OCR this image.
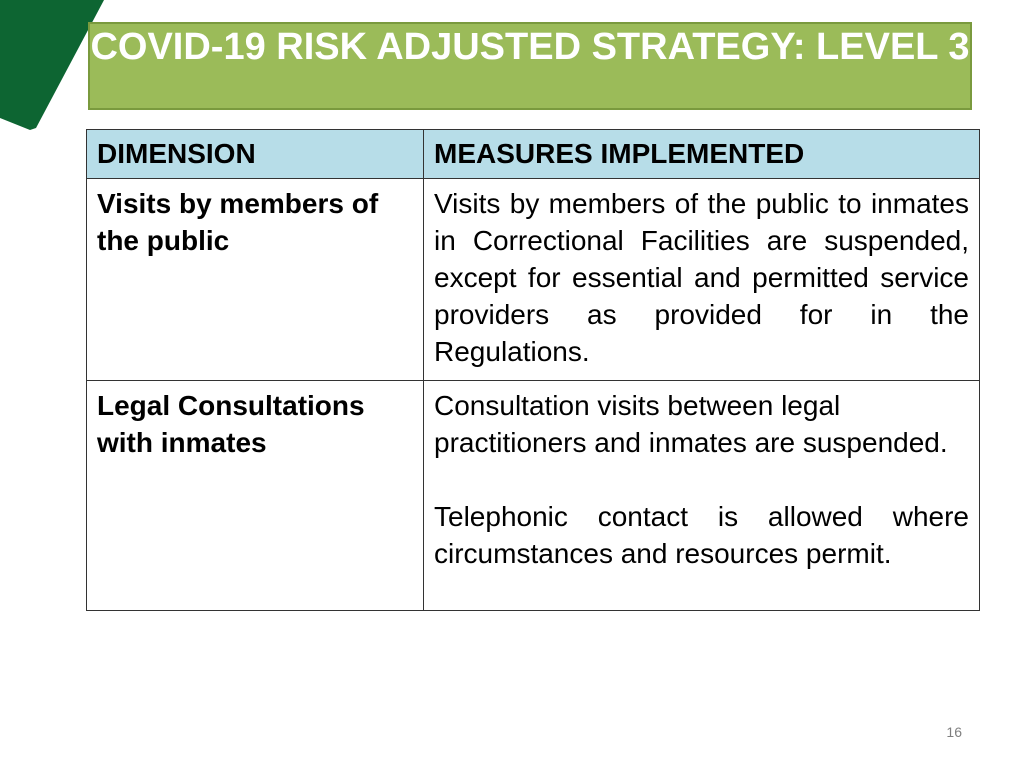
COVID-19 RISK ADJUSTED STRATEGY: LEVEL 3
DIMENSION	MEASURES IMPLEMENTED
Visits by members of the public	Visits by members of the public to inmates in Correctional Facilities are suspended, except for essential and permitted service providers as provided for in the Regulations.

Legal Consultations with inmates	Consultation visits between legal practitioners and inmates are suspended.

Telephonic contact is allowed where circumstances and resources permit.

16
